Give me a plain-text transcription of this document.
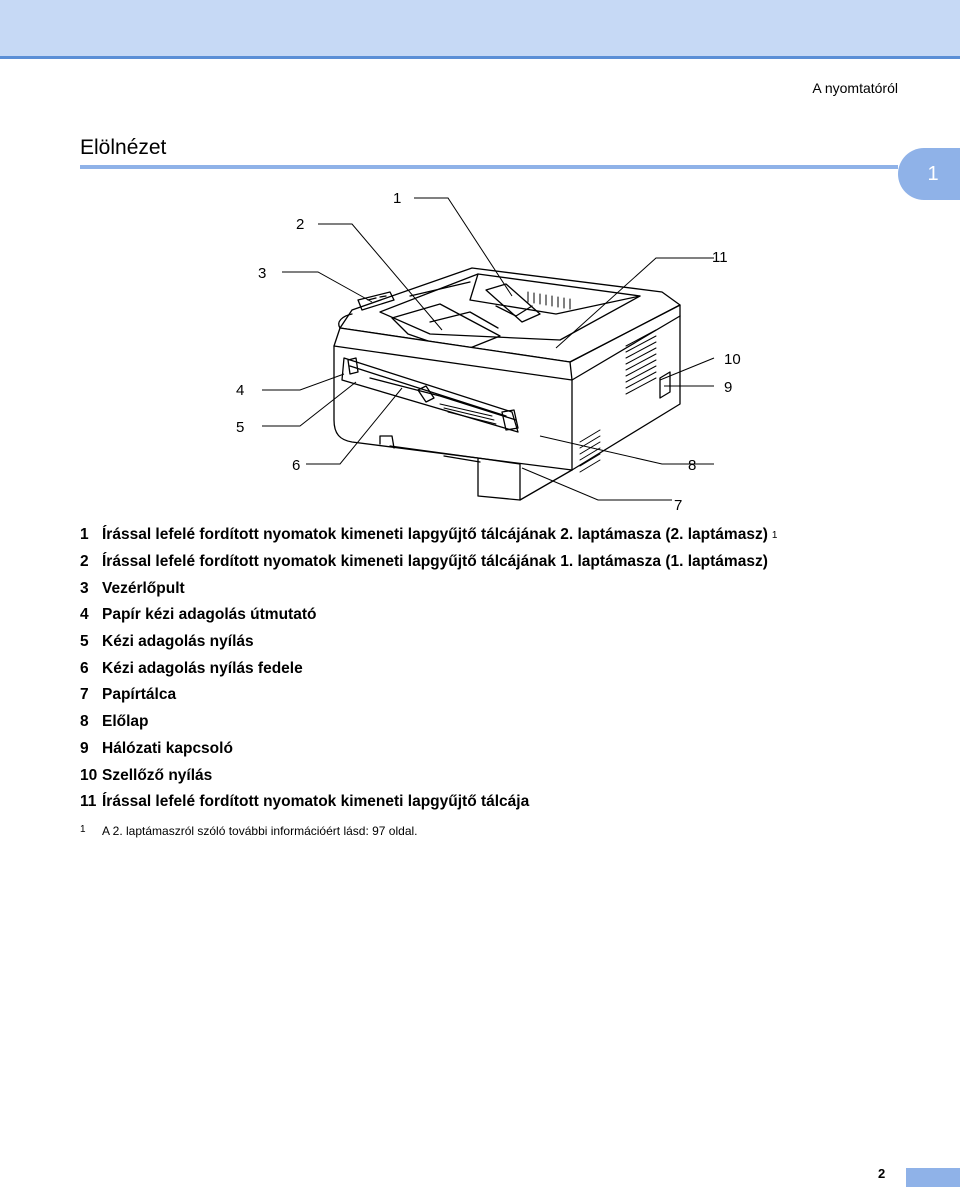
A nyomtatóról
Elölnézet
1
1
2
3
4
5
6
7
8
9
10
11
1 Írással lefelé fordított nyomatok kimeneti lapgyűjtő tálcájának 2. laptámasza (2. laptámasz) 1
2 Írással lefelé fordított nyomatok kimeneti lapgyűjtő tálcájának 1. laptámasza (1. laptámasz)
3 Vezérlőpult
4 Papír kézi adagolás útmutató
5 Kézi adagolás nyílás
6 Kézi adagolás nyílás fedele
7 Papírtálca
8 Előlap
9 Hálózati kapcsoló
10 Szellőző nyílás
11 Írással lefelé fordított nyomatok kimeneti lapgyűjtő tálcája
1	A 2. laptámaszról szóló további információért lásd: 97 oldal.
2
